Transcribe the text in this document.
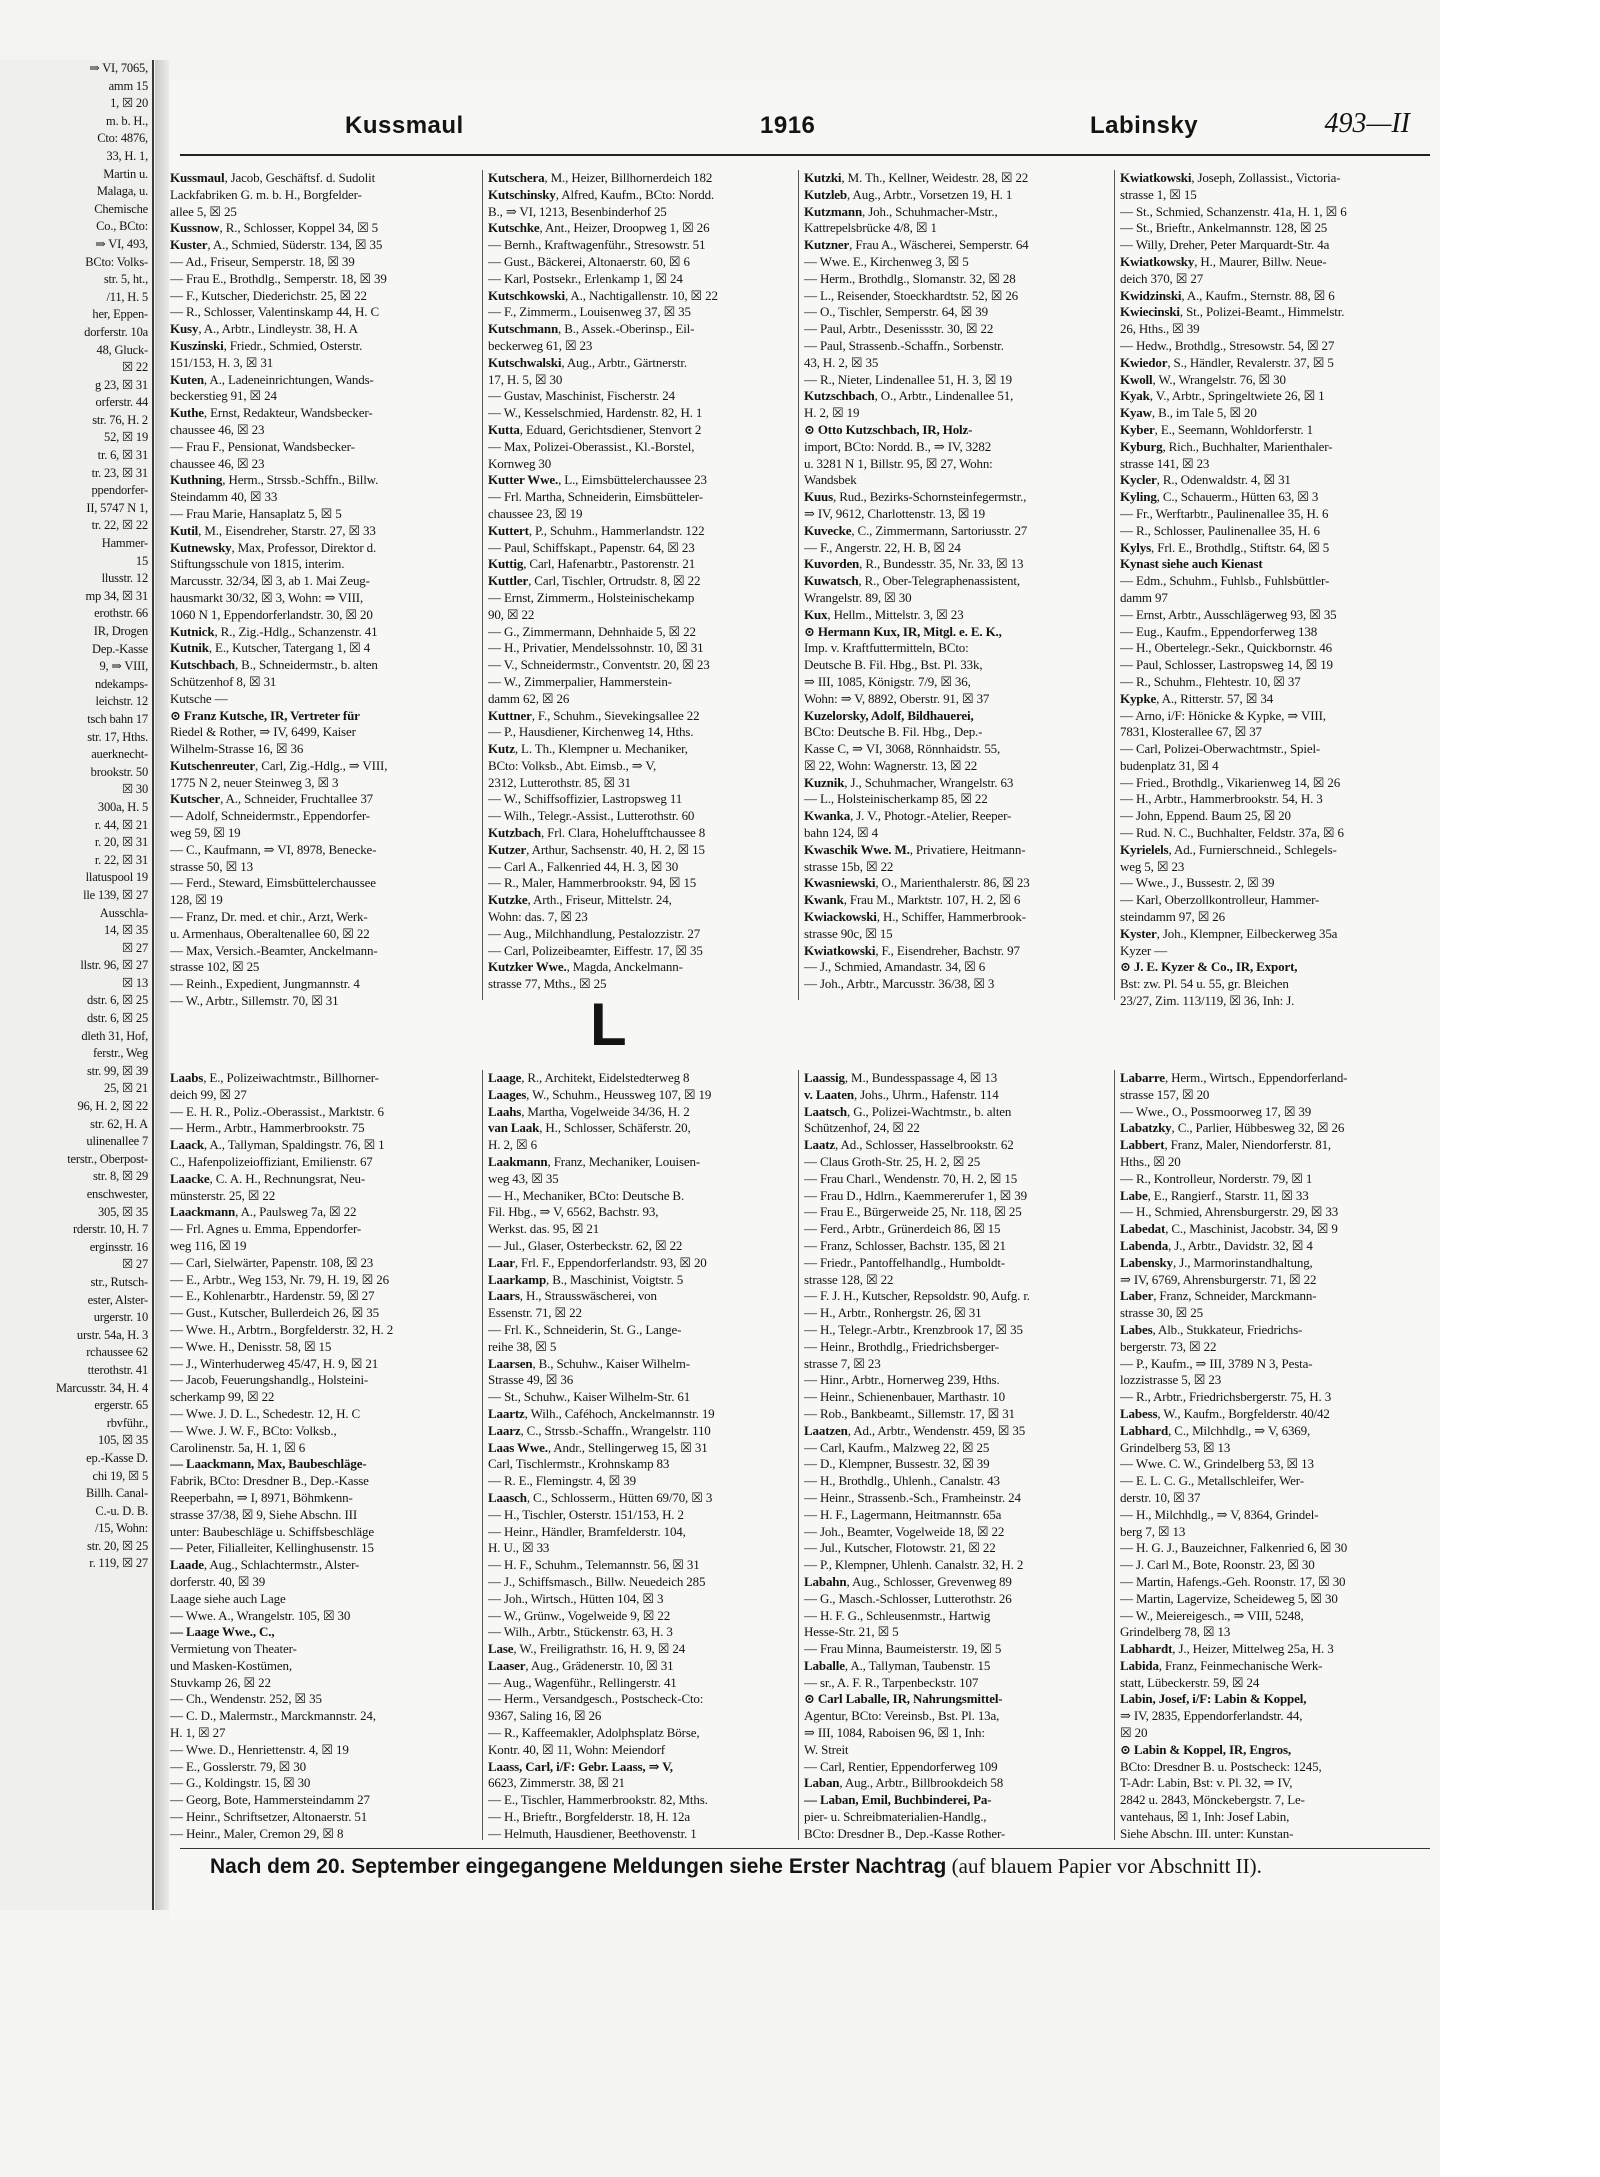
⇒ VI, 7065,
amm 15
1, ☒ 20
m. b. H.,
Cto: 4876,
33, H. 1,
Martin u.
Malaga, u.
Chemische
Co., BCto:
⇒ VI, 493,
BCto: Volks-
str. 5, ht.,
/11, H. 5
her, Eppen-
dorferstr. 10a
48, Gluck-
☒ 22
g 23, ☒ 31
orferstr. 44
str. 76, H. 2
52, ☒ 19
tr. 6, ☒ 31
tr. 23, ☒ 31
ppendorfer-
II, 5747 N 1,
tr. 22, ☒ 22
Hammer-
15
llusstr. 12
mp 34, ☒ 31
erothstr. 66
IR, Drogen
Dep.-Kasse
9, ⇒ VIII,
ndekamps-
leichstr. 12
tsch bahn 17
str. 17, Hths.
auerknecht-
brookstr. 50
☒ 30
300a, H. 5
r. 44, ☒ 21
r. 20, ☒ 31
r. 22, ☒ 31
llatuspool 19
lle 139, ☒ 27
Ausschla-
14, ☒ 35
☒ 27
llstr. 96, ☒ 27
☒ 13
dstr. 6, ☒ 25
dstr. 6, ☒ 25
dleth 31, Hof,
ferstr., Weg
str. 99, ☒ 39
25, ☒ 21
96, H. 2, ☒ 22
str. 62, H. A
ulinenallee 7
terstr., Oberpost-
str. 8, ☒ 29
enschwester,
305, ☒ 35
rderstr. 10, H. 7
erginsstr. 16
☒ 27
str., Rutsch-
ester, Alster-
urgerstr. 10
urstr. 54a, H. 3
rchaussee 62
tterothstr. 41
Marcusstr. 34, H. 4
ergerstr. 65
rbvführ.,
105, ☒ 35
ep.-Kasse D.
chi 19, ☒ 5
Billh. Canal-
C.-u. D. B.
/15, Wohn:
str. 20, ☒ 25
r. 119, ☒ 27
Kussmaul	1916	Labinsky	493—II
Kussmaul, Jacob, Geschäftsf. d. Sudolit
Lackfabriken G. m. b. H., Borgfelder-
allee 5, ☒ 25
Kussnow, R., Schlosser, Koppel 34, ☒ 5
Kuster, A., Schmied, Süderstr. 134, ☒ 35
— Ad., Friseur, Semperstr. 18, ☒ 39
— Frau E., Brothdlg., Semperstr. 18, ☒ 39
— F., Kutscher, Diederichstr. 25, ☒ 22
— R., Schlosser, Valentinskamp 44, H. C
Kusy, A., Arbtr., Lindleystr. 38, H. A
Kuszinski, Friedr., Schmied, Osterstr.
151/153, H. 3, ☒ 31
Kuten, A., Ladeneinrichtungen, Wands-
beckerstieg 91, ☒ 24
Kuthe, Ernst, Redakteur, Wandsbecker-
chaussee 46, ☒ 23
— Frau F., Pensionat, Wandsbecker-
chaussee 46, ☒ 23
Kuthning, Herm., Strssb.-Schffn., Billw.
Steindamm 40, ☒ 33
— Frau Marie, Hansaplatz 5, ☒ 5
Kutil, M., Eisendreher, Starstr. 27, ☒ 33
Kutnewsky, Max, Professor, Direktor d.
Stiftungsschule von 1815, interim.
Marcusstr. 32/34, ☒ 3, ab 1. Mai Zeug-
hausmarkt 30/32, ☒ 3, Wohn: ⇒ VIII,
1060 N 1, Eppendorferlandstr. 30, ☒ 20
Kutnick, R., Zig.-Hdlg., Schanzenstr. 41
Kutnik, E., Kutscher, Tatergang 1, ☒ 4
Kutschbach, B., Schneidermstr., b. alten
Schützenhof 8, ☒ 31
Kutsche —
⊙ Franz Kutsche, IR, Vertreter für
Riedel & Rother, ⇒ IV, 6499, Kaiser
Wilhelm-Strasse 16, ☒ 36
Kutschenreuter, Carl, Zig.-Hdlg., ⇒ VIII,
1775 N 2, neuer Steinweg 3, ☒ 3
Kutscher, A., Schneider, Fruchtallee 37
— Adolf, Schneidermstr., Eppendorfer-
weg 59, ☒ 19
— C., Kaufmann, ⇒ VI, 8978, Benecke-
strasse 50, ☒ 13
— Ferd., Steward, Eimsbüttelerchaussee
128, ☒ 19
— Franz, Dr. med. et chir., Arzt, Werk-
u. Armenhaus, Oberaltenallee 60, ☒ 22
— Max, Versich.-Beamter, Anckelmann-
strasse 102, ☒ 25
— Reinh., Expedient, Jungmannstr. 4
— W., Arbtr., Sillemstr. 70, ☒ 31
Kutschera, M., Heizer, Billhornerdeich 182
Kutschinsky, Alfred, Kaufm., BCto: Nordd.
B., ⇒ VI, 1213, Besenbinderhof 25
Kutschke, Ant., Heizer, Droopweg 1, ☒ 26
— Bernh., Kraftwagenführ., Stresowstr. 51
— Gust., Bäckerei, Altonaerstr. 60, ☒ 6
— Karl, Postsekr., Erlenkamp 1, ☒ 24
Kutschkowski, A., Nachtigallenstr. 10, ☒ 22
— F., Zimmerm., Louisenweg 37, ☒ 35
Kutschmann, B., Assek.-Oberinsp., Eil-
beckerweg 61, ☒ 23
Kutschwalski, Aug., Arbtr., Gärtnerstr.
17, H. 5, ☒ 30
— Gustav, Maschinist, Fischerstr. 24
— W., Kesselschmied, Hardenstr. 82, H. 1
Kutta, Eduard, Gerichtsdiener, Stenvort 2
— Max, Polizei-Oberassist., Kl.-Borstel,
Kornweg 30
Kutter Wwe., L., Eimsbüttelerchaussee 23
— Frl. Martha, Schneiderin, Eimsbütteler-
chaussee 23, ☒ 19
Kuttert, P., Schuhm., Hammerlandstr. 122
— Paul, Schiffskapt., Papenstr. 64, ☒ 23
Kuttig, Carl, Hafenarbtr., Pastorenstr. 21
Kuttler, Carl, Tischler, Ortrudstr. 8, ☒ 22
— Ernst, Zimmerm., Holsteinischekamp
90, ☒ 22
— G., Zimmermann, Dehnhaide 5, ☒ 22
— H., Privatier, Mendelssohnstr. 10, ☒ 31
— V., Schneidermstr., Conventstr. 20, ☒ 23
— W., Zimmerpalier, Hammerstein-
damm 62, ☒ 26
Kuttner, F., Schuhm., Sievekingsallee 22
— P., Hausdiener, Kirchenweg 14, Hths.
Kutz, L. Th., Klempner u. Mechaniker,
BCto: Volksb., Abt. Eimsb., ⇒ V,
2312, Lutterothstr. 85, ☒ 31
— W., Schiffsoffizier, Lastropsweg 11
— Wilh., Telegr.-Assist., Lutterothstr. 60
Kutzbach, Frl. Clara, Hohelufftchaussee 8
Kutzer, Arthur, Sachsenstr. 40, H. 2, ☒ 15
— Carl A., Falkenried 44, H. 3, ☒ 30
— R., Maler, Hammerbrookstr. 94, ☒ 15
Kutzke, Arth., Friseur, Mittelstr. 24,
Wohn: das. 7, ☒ 23
— Aug., Milchhandlung, Pestalozzistr. 27
— Carl, Polizeibeamter, Eiffestr. 17, ☒ 35
Kutzker Wwe., Magda, Anckelmann-
strasse 77, Mths., ☒ 25
Kutzki, M. Th., Kellner, Weidestr. 28, ☒ 22
Kutzleb, Aug., Arbtr., Vorsetzen 19, H. 1
Kutzmann, Joh., Schuhmacher-Mstr.,
Kattrepelsbrücke 4/8, ☒ 1
Kutzner, Frau A., Wäscherei, Semperstr. 64
— Wwe. E., Kirchenweg 3, ☒ 5
— Herm., Brothdlg., Slomanstr. 32, ☒ 28
— L., Reisender, Stoeckhardtstr. 52, ☒ 26
— O., Tischler, Semperstr. 64, ☒ 39
— Paul, Arbtr., Desenissstr. 30, ☒ 22
— Paul, Strassenb.-Schaffn., Sorbenstr.
43, H. 2, ☒ 35
— R., Nieter, Lindenallee 51, H. 3, ☒ 19
Kutzschbach, O., Arbtr., Lindenallee 51,
H. 2, ☒ 19
⊙ Otto Kutzschbach, IR, Holz-
import, BCto: Nordd. B., ⇒ IV, 3282
u. 3281 N 1, Billstr. 95, ☒ 27, Wohn:
Wandsbek
Kuus, Rud., Bezirks-Schornsteinfegermstr.,
⇒ IV, 9612, Charlottenstr. 13, ☒ 19
Kuvecke, C., Zimmermann, Sartoriusstr. 27
— F., Angerstr. 22, H. B, ☒ 24
Kuvorden, R., Bundesstr. 35, Nr. 33, ☒ 13
Kuwatsch, R., Ober-Telegraphenassistent,
Wrangelstr. 89, ☒ 30
Kux, Hellm., Mittelstr. 3, ☒ 23
⊙ Hermann Kux, IR, Mitgl. e. E. K.,
Imp. v. Kraftfuttermitteln, BCto:
Deutsche B. Fil. Hbg., Bst. Pl. 33k,
⇒ III, 1085, Königstr. 7/9, ☒ 36,
Wohn: ⇒ V, 8892, Oberstr. 91, ☒ 37
Kuzelorsky, Adolf, Bildhauerei,
BCto: Deutsche B. Fil. Hbg., Dep.-
Kasse C, ⇒ VI, 3068, Rönnhaidstr. 55,
☒ 22, Wohn: Wagnerstr. 13, ☒ 22
Kuznik, J., Schuhmacher, Wrangelstr. 63
— L., Holsteinischerkamp 85, ☒ 22
Kwanka, J. V., Photogr.-Atelier, Reeper-
bahn 124, ☒ 4
Kwaschik Wwe. M., Privatiere, Heitmann-
strasse 15b, ☒ 22
Kwasniewski, O., Marienthalerstr. 86, ☒ 23
Kwank, Frau M., Marktstr. 107, H. 2, ☒ 6
Kwiackowski, H., Schiffer, Hammerbrook-
strasse 90c, ☒ 15
Kwiatkowski, F., Eisendreher, Bachstr. 97
— J., Schmied, Amandastr. 34, ☒ 6
— Joh., Arbtr., Marcusstr. 36/38, ☒ 3
Kwiatkowski, Joseph, Zollassist., Victoria-
strasse 1, ☒ 15
— St., Schmied, Schanzenstr. 41a, H. 1, ☒ 6
— St., Brieftr., Ankelmannstr. 128, ☒ 25
— Willy, Dreher, Peter Marquardt-Str. 4a
Kwiatkowsky, H., Maurer, Billw. Neue-
deich 370, ☒ 27
Kwidzinski, A., Kaufm., Sternstr. 88, ☒ 6
Kwiecinski, St., Polizei-Beamt., Himmelstr.
26, Hths., ☒ 39
— Hedw., Brothdlg., Stresowstr. 54, ☒ 27
Kwiedor, S., Händler, Revalerstr. 37, ☒ 5
Kwoll, W., Wrangelstr. 76, ☒ 30
Kyak, V., Arbtr., Springeltwiete 26, ☒ 1
Kyaw, B., im Tale 5, ☒ 20
Kyber, E., Seemann, Wohldorferstr. 1
Kyburg, Rich., Buchhalter, Marienthaler-
strasse 141, ☒ 23
Kycler, R., Odenwaldstr. 4, ☒ 31
Kyling, C., Schauerm., Hütten 63, ☒ 3
— Fr., Werftarbtr., Paulinenallee 35, H. 6
— R., Schlosser, Paulinenallee 35, H. 6
Kylys, Frl. E., Brothdlg., Stiftstr. 64, ☒ 5
Kynast siehe auch Kienast
— Edm., Schuhm., Fuhlsb., Fuhlsbüttler-
damm 97
— Ernst, Arbtr., Ausschlägerweg 93, ☒ 35
— Eug., Kaufm., Eppendorferweg 138
— H., Obertelegr.-Sekr., Quickbornstr. 46
— Paul, Schlosser, Lastropsweg 14, ☒ 19
— R., Schuhm., Flehtestr. 10, ☒ 37
Kypke, A., Ritterstr. 57, ☒ 34
— Arno, i/F: Hönicke & Kypke, ⇒ VIII,
7831, Klosterallee 67, ☒ 37
— Carl, Polizei-Oberwachtmstr., Spiel-
budenplatz 31, ☒ 4
— Fried., Brothdlg., Vikarienweg 14, ☒ 26
— H., Arbtr., Hammerbrookstr. 54, H. 3
— John, Eppend. Baum 25, ☒ 20
— Rud. N. C., Buchhalter, Feldstr. 37a, ☒ 6
Kyrielels, Ad., Furnierschneid., Schlegels-
weg 5, ☒ 23
— Wwe., J., Bussestr. 2, ☒ 39
— Karl, Oberzollkontrolleur, Hammer-
steindamm 97, ☒ 26
Kyster, Joh., Klempner, Eilbeckerweg 35a
Kyzer —
⊙ J. E. Kyzer & Co., IR, Export,
Bst: zw. Pl. 54 u. 55, gr. Bleichen
23/27, Zim. 113/119, ☒ 36, Inh: J.
L
Laabs, E., Polizeiwachtmstr., Billhorner-
deich 99, ☒ 27
— E. H. R., Poliz.-Oberassist., Marktstr. 6
— Herm., Arbtr., Hammerbrookstr. 75
Laack, A., Tallyman, Spaldingstr. 76, ☒ 1
C., Hafenpolizeioffiziant, Emilienstr. 67
Laacke, C. A. H., Rechnungsrat, Neu-
münsterstr. 25, ☒ 22
Laackmann, A., Paulsweg 7a, ☒ 22
— Frl. Agnes u. Emma, Eppendorfer-
weg 116, ☒ 19
— Carl, Sielwärter, Papenstr. 108, ☒ 23
— E., Arbtr., Weg 153, Nr. 79, H. 19, ☒ 26
— E., Kohlenarbtr., Hardenstr. 59, ☒ 27
— Gust., Kutscher, Bullerdeich 26, ☒ 35
— Wwe. H., Arbtrn., Borgfelderstr. 32, H. 2
— Wwe. H., Denisstr. 58, ☒ 15
— J., Winterhuderweg 45/47, H. 9, ☒ 21
— Jacob, Feuerungshandlg., Holsteini-
scherkamp 99, ☒ 22
— Wwe. J. D. L., Schedestr. 12, H. C
— Wwe. J. W. F., BCto: Volksb.,
Carolinenstr. 5a, H. 1, ☒ 6
— Laackmann, Max, Baubeschläge-
Fabrik, BCto: Dresdner B., Dep.-Kasse
Reeperbahn, ⇒ I, 8971, Böhmkenn-
strasse 37/38, ☒ 9, Siehe Abschn. III
unter: Baubeschläge u. Schiffsbeschläge
— Peter, Filialleiter, Kellinghusenstr. 15
Laade, Aug., Schlachtermstr., Alster-
dorferstr. 40, ☒ 39
Laage siehe auch Lage
— Wwe. A., Wrangelstr. 105, ☒ 30
— Laage Wwe., C.,
Vermietung von Theater-
und Masken-Kostümen,
Stuvkamp 26, ☒ 22
— Ch., Wendenstr. 252, ☒ 35
— C. D., Malermstr., Marckmannstr. 24,
H. 1, ☒ 27
— Wwe. D., Henriettenstr. 4, ☒ 19
— E., Gosslerstr. 79, ☒ 30
— G., Koldingstr. 15, ☒ 30
— Georg, Bote, Hammersteindamm 27
— Heinr., Schriftsetzer, Altonaerstr. 51
— Heinr., Maler, Cremon 29, ☒ 8
Laage, R., Architekt, Eidelstedterweg 8
Laages, W., Schuhm., Heussweg 107, ☒ 19
Laahs, Martha, Vogelweide 34/36, H. 2
van Laak, H., Schlosser, Schäferstr. 20,
H. 2, ☒ 6
Laakmann, Franz, Mechaniker, Louisen-
weg 43, ☒ 35
— H., Mechaniker, BCto: Deutsche B.
Fil. Hbg., ⇒ V, 6562, Bachstr. 93,
Werkst. das. 95, ☒ 21
— Jul., Glaser, Osterbeckstr. 62, ☒ 22
Laar, Frl. F., Eppendorferlandstr. 93, ☒ 20
Laarkamp, B., Maschinist, Voigtstr. 5
Laars, H., Strausswäscherei, von
Essenstr. 71, ☒ 22
— Frl. K., Schneiderin, St. G., Lange-
reihe 38, ☒ 5
Laarsen, B., Schuhw., Kaiser Wilhelm-
Strasse 49, ☒ 36
— St., Schuhw., Kaiser Wilhelm-Str. 61
Laartz, Wilh., Caféhoch, Anckelmannstr. 19
Laarz, C., Strssb.-Schaffn., Wrangelstr. 110
Laas Wwe., Andr., Stellingerweg 15, ☒ 31
Carl, Tischlermstr., Krohnskamp 83
— R. E., Flemingstr. 4, ☒ 39
Laasch, C., Schlosserm., Hütten 69/70, ☒ 3
— H., Tischler, Osterstr. 151/153, H. 2
— Heinr., Händler, Bramfelderstr. 104,
H. U., ☒ 33
— H. F., Schuhm., Telemannstr. 56, ☒ 31
— J., Schiffsmasch., Billw. Neuedeich 285
— Joh., Wirtsch., Hütten 104, ☒ 3
— W., Grünw., Vogelweide 9, ☒ 22
— Wilh., Arbtr., Stückenstr. 63, H. 3
Lase, W., Freiligrathstr. 16, H. 9, ☒ 24
Laaser, Aug., Grädenerstr. 10, ☒ 31
— Aug., Wagenführ., Rellingerstr. 41
— Herm., Versandgesch., Postscheck-Cto:
9367, Saling 16, ☒ 26
— R., Kaffeemakler, Adolphsplatz Börse,
Kontr. 40, ☒ 11, Wohn: Meiendorf
Laass, Carl, i/F: Gebr. Laass, ⇒ V,
6623, Zimmerstr. 38, ☒ 21
— E., Tischler, Hammerbrookstr. 82, Mths.
— H., Brieftr., Borgfelderstr. 18, H. 12a
— Helmuth, Hausdiener, Beethovenstr. 1
Laassig, M., Bundesspassage 4, ☒ 13
v. Laaten, Johs., Uhrm., Hafenstr. 114
Laatsch, G., Polizei-Wachtmstr., b. alten
Schützenhof, 24, ☒ 22
Laatz, Ad., Schlosser, Hasselbrookstr. 62
— Claus Groth-Str. 25, H. 2, ☒ 25
— Frau Charl., Wendenstr. 70, H. 2, ☒ 15
— Frau D., Hdlrn., Kaemmererufer 1, ☒ 39
— Frau E., Bürgerweide 25, Nr. 118, ☒ 25
— Ferd., Arbtr., Grünerdeich 86, ☒ 15
— Franz, Schlosser, Bachstr. 135, ☒ 21
— Friedr., Pantoffelhandlg., Humboldt-
strasse 128, ☒ 22
— F. J. H., Kutscher, Repsoldstr. 90, Aufg. r.
— H., Arbtr., Ronhergstr. 26, ☒ 31
— H., Telegr.-Arbtr., Krenzbrook 17, ☒ 35
— Heinr., Brothdlg., Friedrichsberger-
strasse 7, ☒ 23
— Hinr., Arbtr., Hornerweg 239, Hths.
— Heinr., Schienenbauer, Marthastr. 10
— Rob., Bankbeamt., Sillemstr. 17, ☒ 31
Laatzen, Ad., Arbtr., Wendenstr. 459, ☒ 35
— Carl, Kaufm., Malzweg 22, ☒ 25
— D., Klempner, Bussestr. 32, ☒ 39
— H., Brothdlg., Uhlenh., Canalstr. 43
— Heinr., Strassenb.-Sch., Framheinstr. 24
— H. F., Lagermann, Heitmannstr. 65a
— Joh., Beamter, Vogelweide 18, ☒ 22
— Jul., Kutscher, Flotowstr. 21, ☒ 22
— P., Klempner, Uhlenh. Canalstr. 32, H. 2
Labahn, Aug., Schlosser, Grevenweg 89
— G., Masch.-Schlosser, Lutterothstr. 26
— H. F. G., Schleusenmstr., Hartwig
Hesse-Str. 21, ☒ 5
— Frau Minna, Baumeisterstr. 19, ☒ 5
Laballe, A., Tallyman, Taubenstr. 15
— sr., A. F. R., Tarpenbeckstr. 107
⊙ Carl Laballe, IR, Nahrungsmittel-
Agentur, BCto: Vereinsb., Bst. Pl. 13a,
⇒ III, 1084, Raboisen 96, ☒ 1, Inh:
W. Streit
— Carl, Rentier, Eppendorferweg 109
Laban, Aug., Arbtr., Billbrookdeich 58
— Laban, Emil, Buchbinderei, Pa-
pier- u. Schreibmaterialien-Handlg.,
BCto: Dresdner B., Dep.-Kasse Rother-
Labarre, Herm., Wirtsch., Eppendorferland-
strasse 157, ☒ 20
— Wwe., O., Possmoorweg 17, ☒ 39
Labatzky, C., Parlier, Hübbesweg 32, ☒ 26
Labbert, Franz, Maler, Niendorferstr. 81,
Hths., ☒ 20
— R., Kontrolleur, Norderstr. 79, ☒ 1
Labe, E., Rangierf., Starstr. 11, ☒ 33
— H., Schmied, Ahrensburgerstr. 29, ☒ 33
Labedat, C., Maschinist, Jacobstr. 34, ☒ 9
Labenda, J., Arbtr., Davidstr. 32, ☒ 4
Labensky, J., Marmorinstandhaltung,
⇒ IV, 6769, Ahrensburgerstr. 71, ☒ 22
Laber, Franz, Schneider, Marckmann-
strasse 30, ☒ 25
Labes, Alb., Stukkateur, Friedrichs-
bergerstr. 73, ☒ 22
— P., Kaufm., ⇒ III, 3789 N 3, Pesta-
lozzistrasse 5, ☒ 23
— R., Arbtr., Friedrichsbergerstr. 75, H. 3
Labess, W., Kaufm., Borgfelderstr. 40/42
Labhard, C., Milchhdlg., ⇒ V, 6369,
Grindelberg 53, ☒ 13
— Wwe. C. W., Grindelberg 53, ☒ 13
— E. L. C. G., Metallschleifer, Wer-
derstr. 10, ☒ 37
— H., Milchhdlg., ⇒ V, 8364, Grindel-
berg 7, ☒ 13
— H. G. J., Bauzeichner, Falkenried 6, ☒ 30
— J. Carl M., Bote, Roonstr. 23, ☒ 30
— Martin, Hafengs.-Geh. Roonstr. 17, ☒ 30
— Martin, Lagervize, Scheideweg 5, ☒ 30
— W., Meiereigesch., ⇒ VIII, 5248,
Grindelberg 78, ☒ 13
Labhardt, J., Heizer, Mittelweg 25a, H. 3
Labida, Franz, Feinmechanische Werk-
statt, Lübeckerstr. 59, ☒ 24
Labin, Josef, i/F: Labin & Koppel,
⇒ IV, 2835, Eppendorferlandstr. 44,
☒ 20
⊙ Labin & Koppel, IR, Engros,
BCto: Dresdner B. u. Postscheck: 1245,
T-Adr: Labin, Bst: v. Pl. 32, ⇒ IV,
2842 u. 2843, Mönckebergstr. 7, Le-
vantehaus, ☒ 1, Inh: Josef Labin,
Siehe Abschn. III. unter: Kunstan-
Nach dem 20. September eingegangene Meldungen siehe Erster Nachtrag (auf blauem Papier vor Abschnitt II).
